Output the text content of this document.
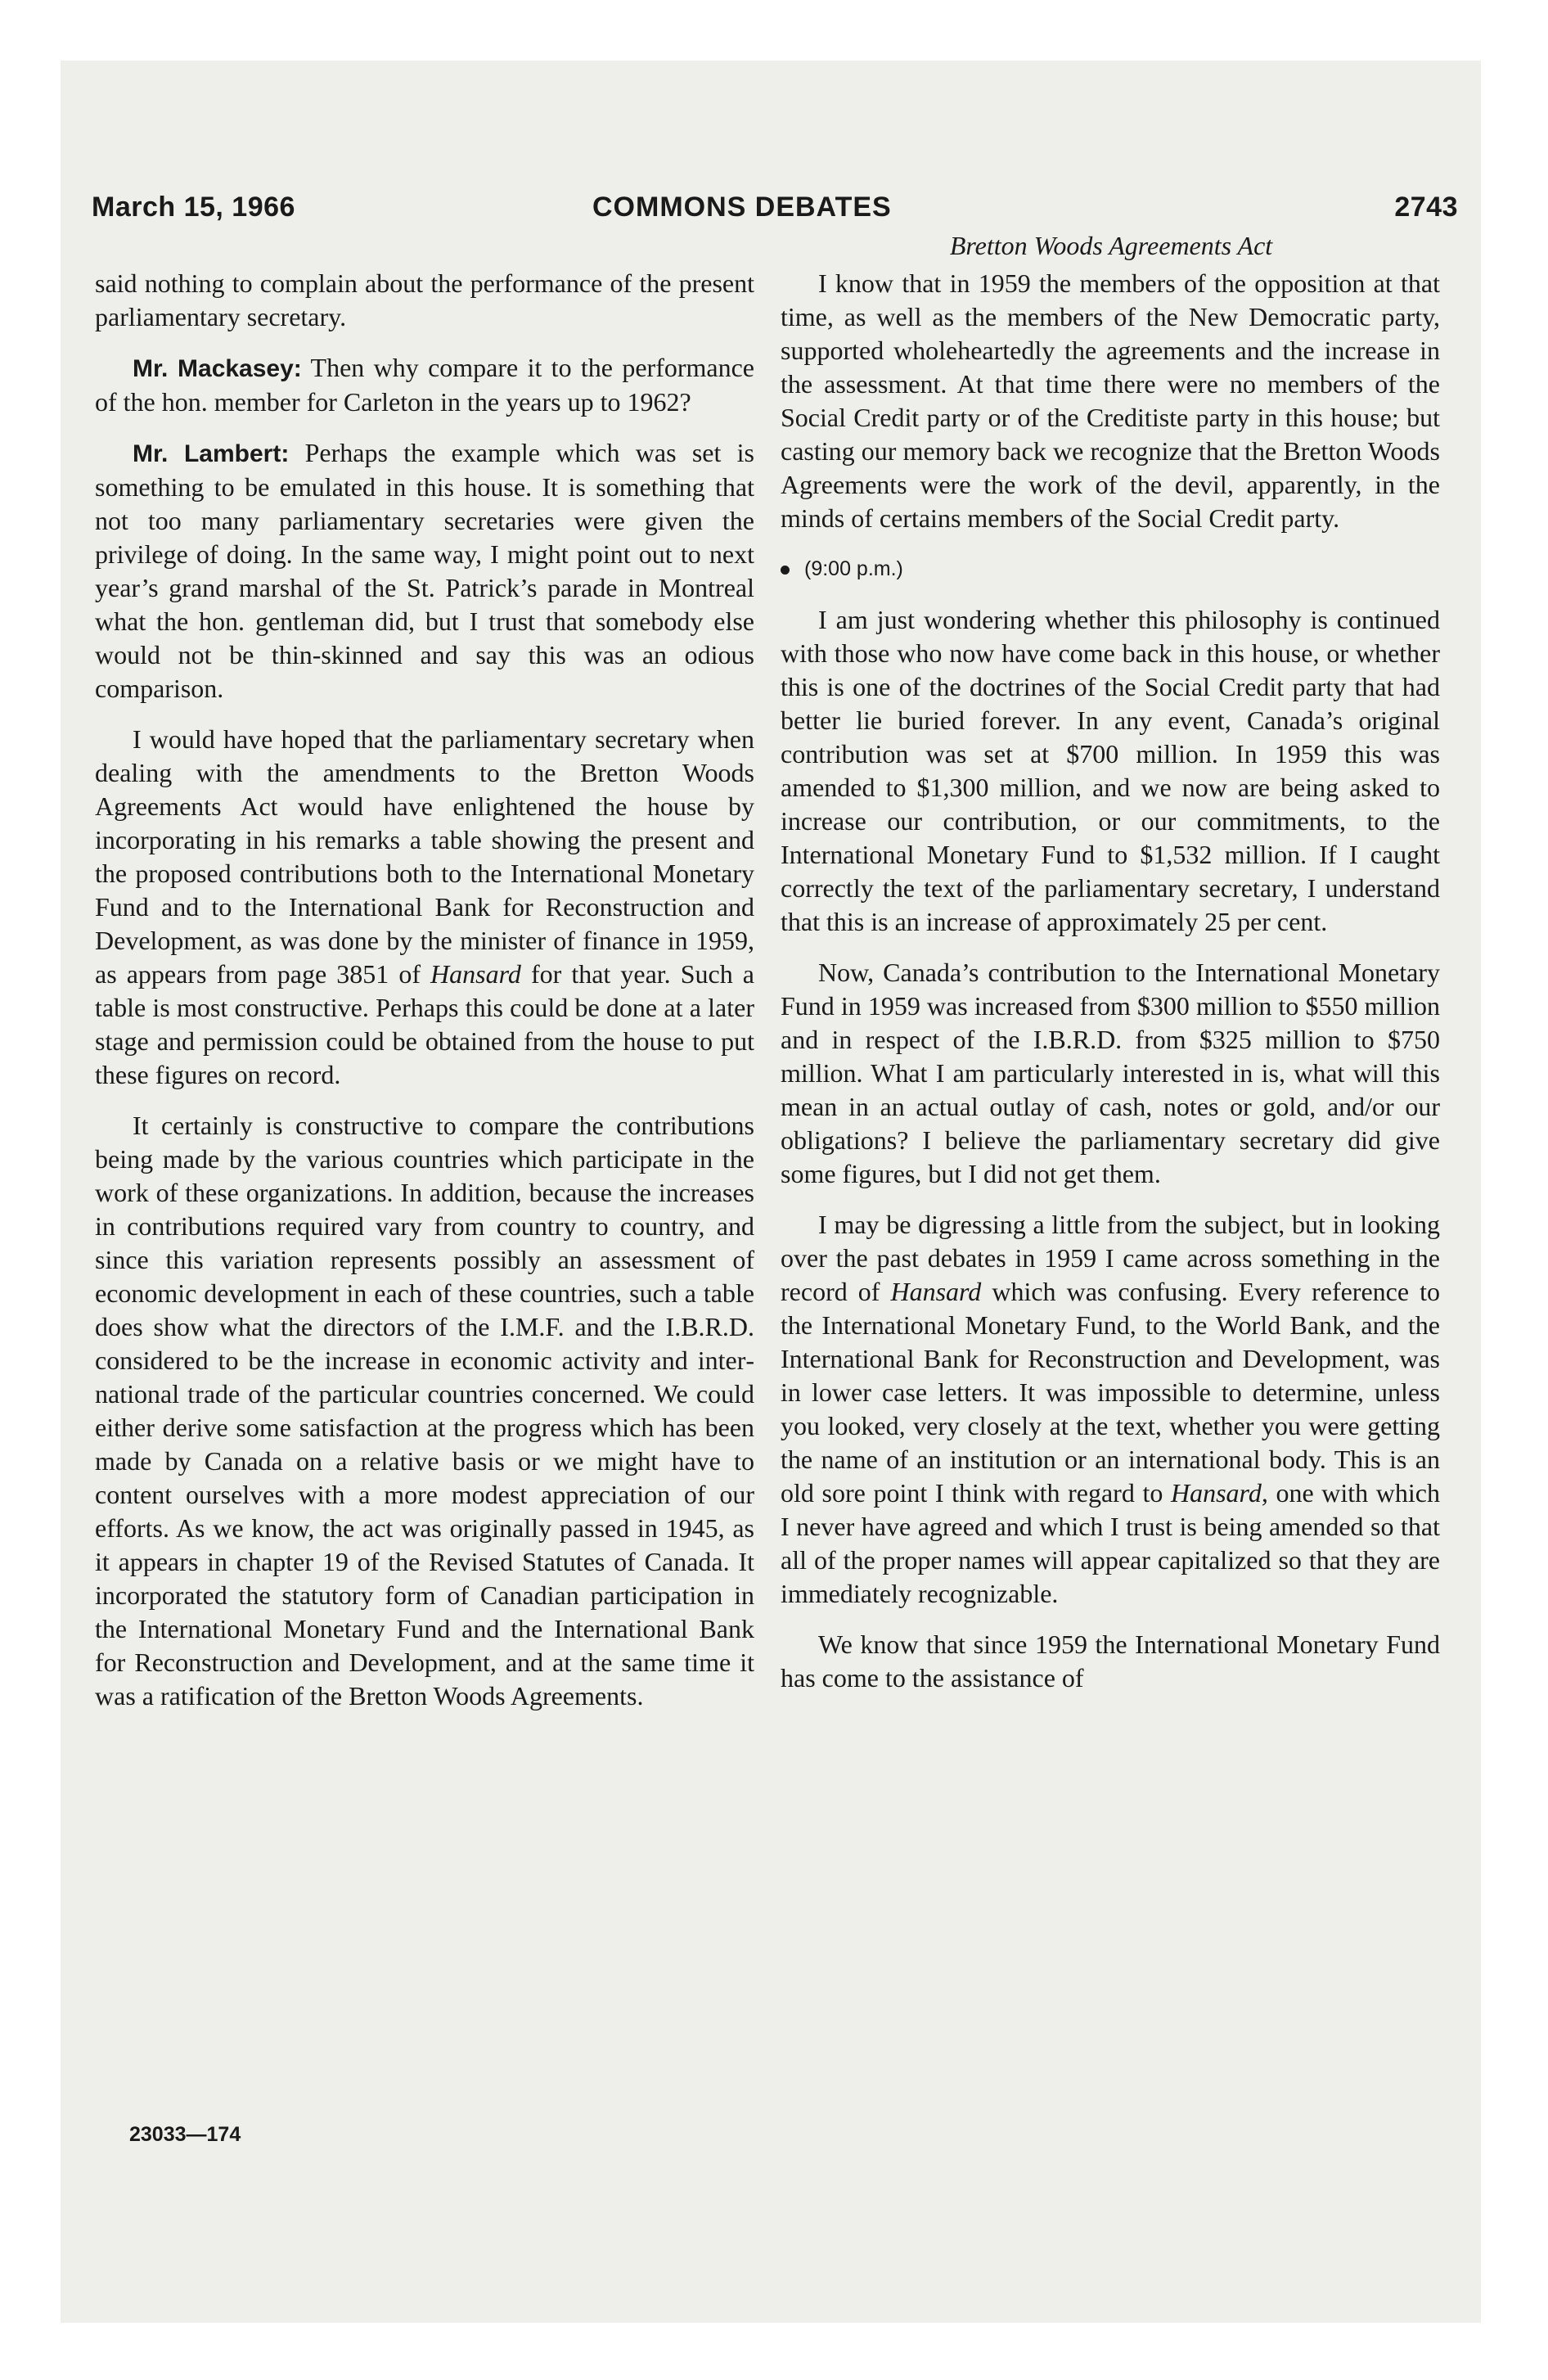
March 15, 1966	COMMONS DEBATES	2743
Bretton Woods Agreements Act

said nothing to complain about the performance of the present parliamentary secretary.

Mr. Mackasey: Then why compare it to the performance of the hon. member for Carleton in the years up to 1962?

Mr. Lambert: Perhaps the example which was set is something to be emulated in this house. It is something that not too many parliamentary secretaries were given the privilege of doing. In the same way, I might point out to next year’s grand marshal of the St. Patrick’s parade in Montreal what the hon. gentleman did, but I trust that somebody else would not be thin-skinned and say this was an odious comparison.

I would have hoped that the parliamentary secretary when dealing with the amendments to the Bretton Woods Agreements Act would have enlightened the house by incorporating in his remarks a table showing the present and the proposed contributions both to the International Monetary Fund and to the International Bank for Reconstruction and Development, as was done by the minister of finance in 1959, as appears from page 3851 of Hansard for that year. Such a table is most constructive. Perhaps this could be done at a later stage and permission could be obtained from the house to put these figures on record.

It certainly is constructive to compare the contributions being made by the various countries which participate in the work of these organizations. In addition, because the increases in contributions required vary from country to country, and since this variation represents possibly an assessment of economic development in each of these countries, such a table does show what the directors of the I.M.F. and the I.B.R.D. considered to be the increase in economic activity and international trade of the particular countries concerned. We could either derive some satisfaction at the progress which has been made by Canada on a relative basis or we might have to content ourselves with a more modest appreciation of our efforts. As we know, the act was originally passed in 1945, as it appears in chapter 19 of the Revised Statutes of Canada. It incorporated the statutory form of Canadian participation in the International Monetary Fund and the International Bank for Reconstruction and Development, and at the same time it was a ratification of the Bretton Woods Agreements.

I know that in 1959 the members of the opposition at that time, as well as the members of the New Democratic party, supported wholeheartedly the agreements and the increase in the assessment. At that time there were no members of the Social Credit party or of the Creditiste party in this house; but casting our memory back we recognize that the Bretton Woods Agreements were the work of the devil, apparently, in the minds of certains members of the Social Credit party.

(9:00 p.m.)

I am just wondering whether this philosophy is continued with those who now have come back in this house, or whether this is one of the doctrines of the Social Credit party that had better lie buried forever. In any event, Canada’s original contribution was set at $700 million. In 1959 this was amended to $1,300 million, and we now are being asked to increase our contribution, or our commitments, to the International Monetary Fund to $1,532 million. If I caught correctly the text of the parliamentary secretary, I understand that this is an increase of approximately 25 per cent.

Now, Canada’s contribution to the International Monetary Fund in 1959 was increased from $300 million to $550 million and in respect of the I.B.R.D. from $325 million to $750 million. What I am particularly interested in is, what will this mean in an actual outlay of cash, notes or gold, and/or our obligations? I believe the parliamentary secretary did give some figures, but I did not get them.

I may be digressing a little from the subject, but in looking over the past debates in 1959 I came across something in the record of Hansard which was confusing. Every reference to the International Monetary Fund, to the World Bank, and the International Bank for Reconstruction and Development, was in lower case letters. It was impossible to determine, unless you looked, very closely at the text, whether you were getting the name of an institution or an international body. This is an old sore point I think with regard to Hansard, one with which I never have agreed and which I trust is being amended so that all of the proper names will appear capitalized so that they are immediately recognizable.

We know that since 1959 the International Monetary Fund has come to the assistance of

23033—174
